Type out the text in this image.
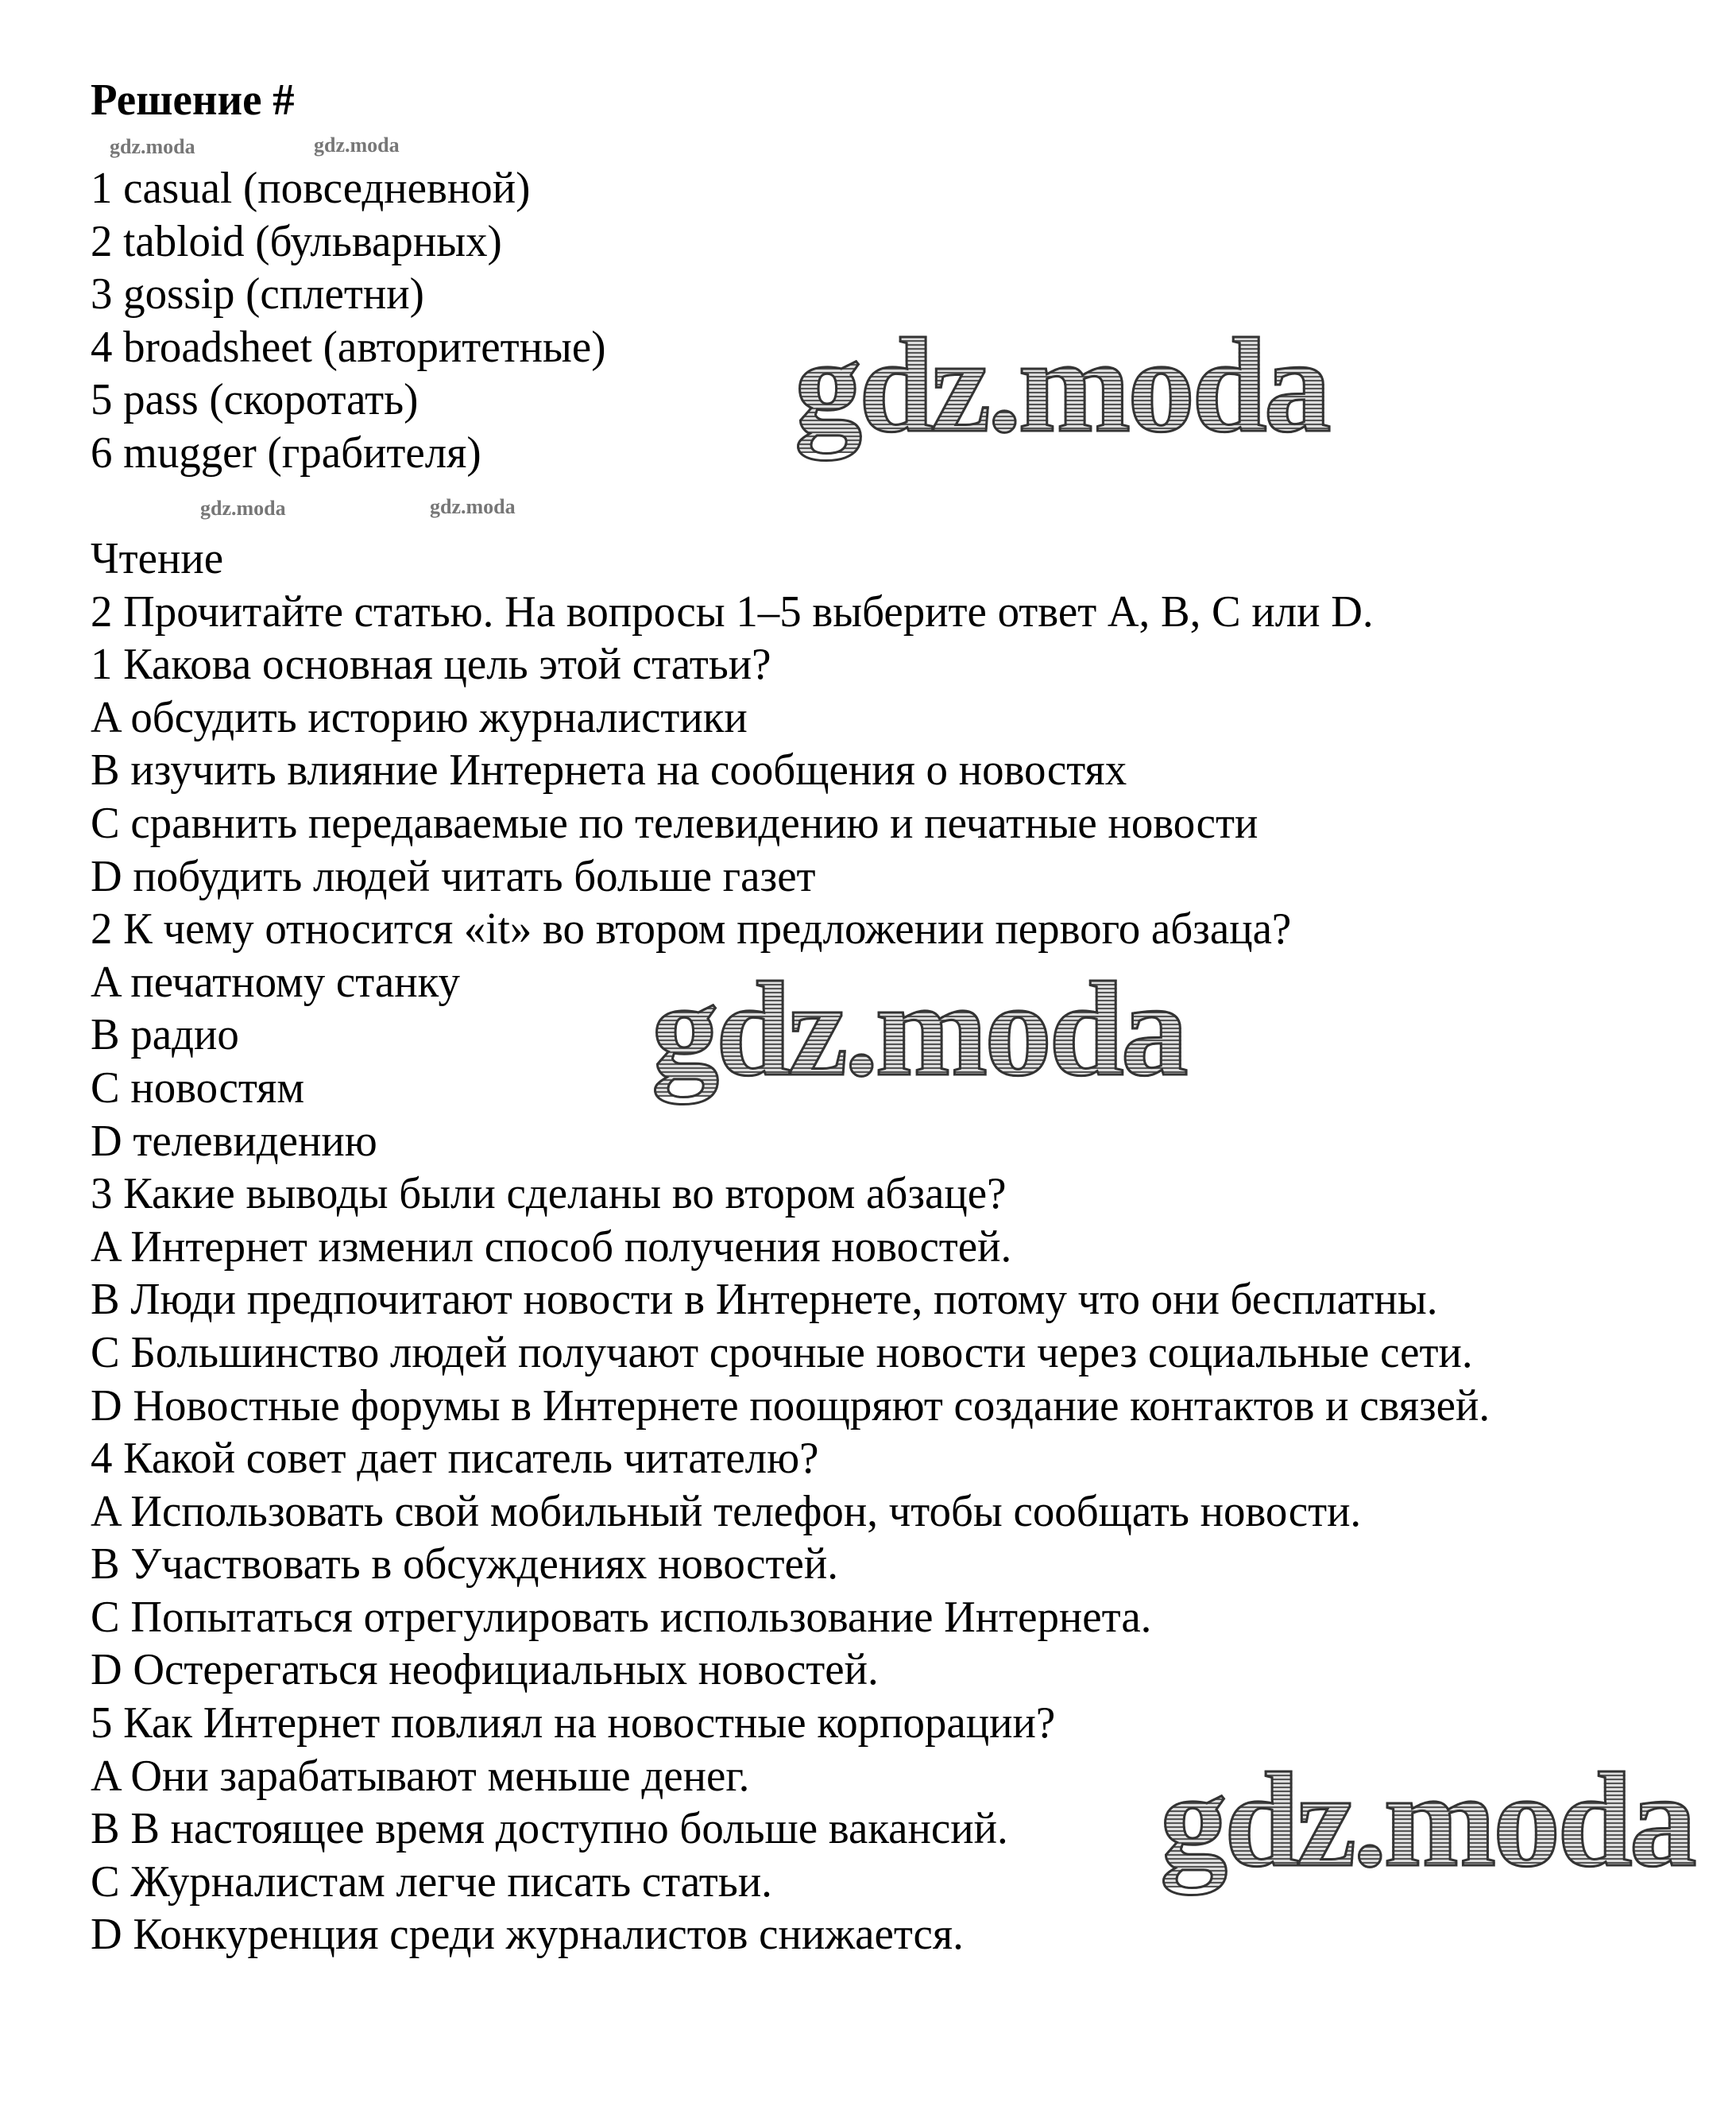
Решение #
1 casual (повседневной)
2 tabloid (бульварных)
3 gossip (сплетни)
4 broadsheet (авторитетные)
5 pass (скоротать)
6 mugger (грабителя)
Чтение
2 Прочитайте статью. На вопросы 1–5 выберите ответ A, B, C или D.
1 Какова основная цель этой статьи?
A обсудить историю журналистики
B изучить влияние Интернета на сообщения о новостях
C сравнить передаваемые по телевидению и печатные новости
D побудить людей читать больше газет
2 К чему относится «it» во втором предложении первого абзаца?
A печатному станку
B радио
C новостям
D телевидению
3 Какие выводы были сделаны во втором абзаце?
A Интернет изменил способ получения новостей.
B Люди предпочитают новости в Интернете, потому что они бесплатны.
C Большинство людей получают срочные новости через социальные сети.
D Новостные форумы в Интернете поощряют создание контактов и связей.
4 Какой совет дает писатель читателю?
A Использовать свой мобильный телефон, чтобы сообщать новости.
B Участвовать в обсуждениях новостей.
C Попытаться отрегулировать использование Интернета.
D Остерегаться неофициальных новостей.
5 Как Интернет повлиял на новостные корпорации?
A Они зарабатывают меньше денег.
B В настоящее время доступно больше вакансий.
C Журналистам легче писать статьи.
D Конкуренция среди журналистов снижается.
gdz.moda
gdz.moda
gdz.moda
gdz.moda
gdz.moda
gdz.moda
gdz.moda
